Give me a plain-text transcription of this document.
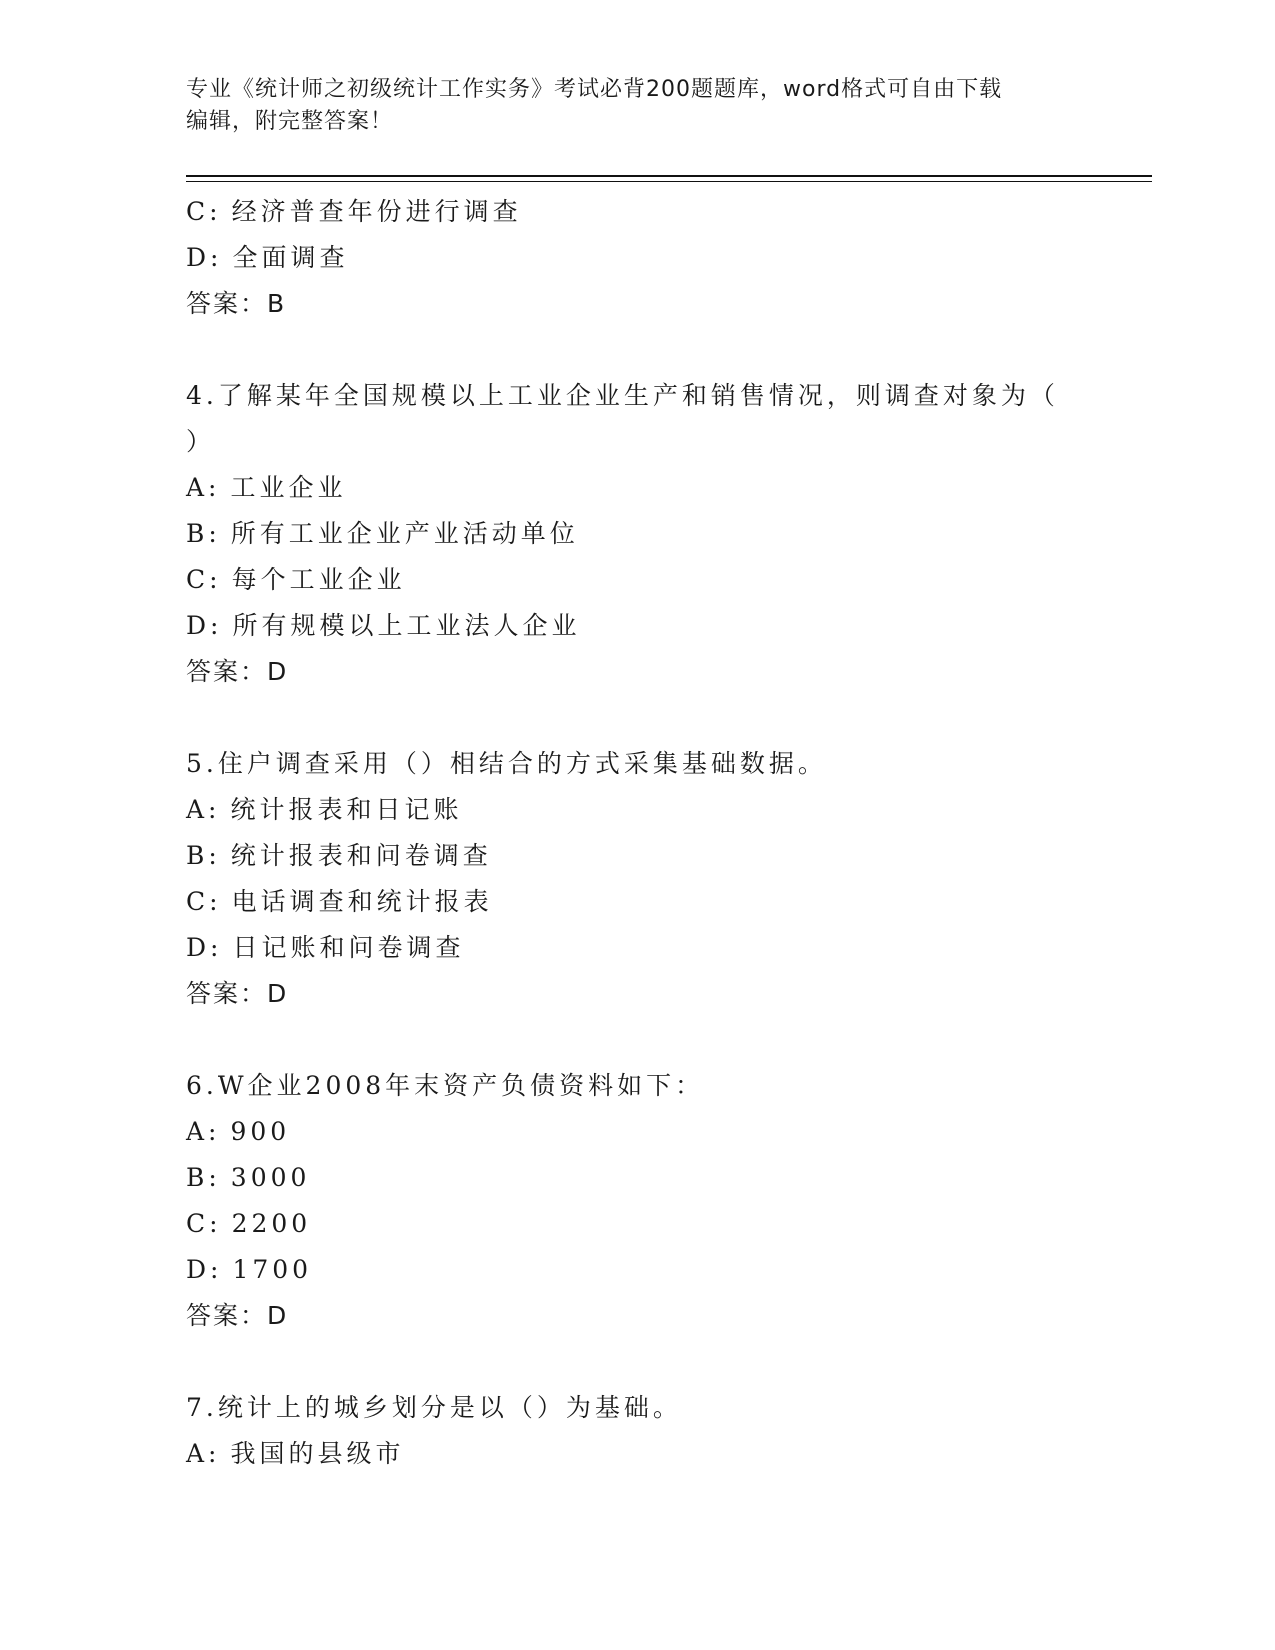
专业《统计师之初级统计工作实务》考试必背200题题库，word格式可自由下载
编辑，附完整答案！
C: 经济普查年份进行调查
D: 全面调查
答案：B
4.了解某年全国规模以上工业企业生产和销售情况，则调查对象为（
）
A: 工业企业
B: 所有工业企业产业活动单位
C: 每个工业企业
D: 所有规模以上工业法人企业
答案：D
5.住户调查采用（）相结合的方式采集基础数据。
A: 统计报表和日记账
B: 统计报表和问卷调查
C: 电话调查和统计报表
D: 日记账和问卷调查
答案：D
6.W企业2008年末资产负债资料如下：
A: 900
B: 3000
C: 2200
D: 1700
答案：D
7.统计上的城乡划分是以（）为基础。
A: 我国的县级市
